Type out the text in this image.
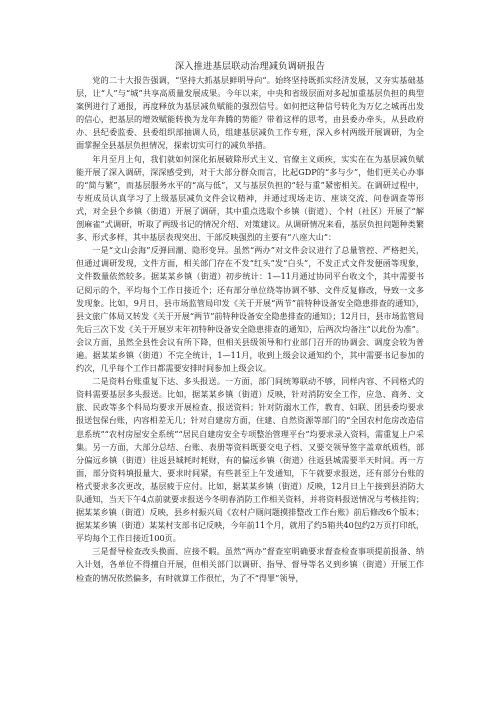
深入推进基层联动治理减负调研报告

党的二十大报告强调，“坚持大抓基层鲜明导向”。始终坚持既抓实经济发展，又夯实基础基层，让“人”与“城”共享高质量发展成果。今年以来，中央和省级层面对多起加重基层负担的典型案例进行了通报，再度释放为基层减负赋能的强烈信号。如何把这种信号转化为万亿之城再出发的信心，把基层的增效赋能转换为龙年奔腾的势能？带着这样的思考，由县委办牵头，从县政府办、县纪委监委、县委组织部抽调人员，组建基层减负工作专班，深入乡村两级开展调研，为全面掌握全县基层负担情况，探索切实可行的减负举措。

年月至月上旬，我们就如何深化拓展破除形式主义、官僚主义顽疾，实实在在为基层减负赋能开展了深入调研，深深感受到，对于大部分群众而言，比起GDP的“多与少”，他们更关心办事的“简与繁”，而基层服务水平的“高与低”，又与基层负担的“轻与重”紧密相关。在调研过程中，专班成员认真学习了上级基层减负文件会议精神，并通过现场走访、座谈交流、问卷调查等形式，对全县个乡镇（街道）开展了调研，其中重点选取个乡镇（街道）、个村（社区）开展了“解剖麻雀”式调研，听取了两级书记的情况介绍、对策建议。从调研情况来看，基层负担问题种类繁多、形式多样，其中基层表现突出、干部反映强烈的主要有“八座大山”：

一是“文山会海”反弹回潮、隐形变异。虽然“两办”对文件会议进行了总量管控、严格把关，但通过调研发现，文件方面，相关部门存在不发“红头”发“白头”，不发正式文件发便函等现象，文件数量依然较多。据某某乡镇（街道）初步统计：1—11月通过协同平台收文个，其中需要书记阅示的个，平均每个工作日接近个；还有部分单位绕等协调不够、文件反复修改，导致一文多发现象。比如，9月日，县市场监管局印发《关于开展“两节”前特种设备安全隐患排查的通知》，县文旅广体局又转发《关于开展“两节”前特种设备安全隐患排查的通知》；12月日，县市场监管局先后三次下发《关于开展岁末年初特种设备安全隐患排查的通知》，后两次均备注“以此份为准”。会议方面，虽然全县性会议有所下降，但相关县级领导和行业部门召开的协调会、调度会较为普遍。据某某乡镇（街道）不完全统计，1—11月，收到上级会议通知约个，其中需要书记参加的约次，几乎每个工作日都需要安排时间参加上级会议。

二是资料台账重复下达、多头报送。一方面，部门间统筹联动不够，同样内容、不同格式的资料需要基层多头报送。比如，据某某乡镇（街道）反映，针对消防安全工作，应急、商务、文旅、民政等多个科局均要求开展检查、报送资料；针对防溺水工作，教育、妇联、团县委均要求报送包保台账，内容相差无几；针对自建房方面，住建、自然资源等部门的“全国农村危房改造信息系统”“农村房屋安全系统”“居民自建房安全专项整治管理平台”均要求录入资料，需重复上户采集。另一方面，大部分总结、台账、表册等资料既要交电子档、又要交领导签字盖章纸质档，部分偏远乡镇（街道）往返县城耗时耗财，有的偏远乡镇（街道）往返县城需要半天时间。再一方面，部分资料填报量大、要求时间紧，有些甚至上午发通知，下午就要求报送，还有部分台账的格式要求多次更改，基层疲于应付。比如，据某某乡镇（街道）反映，12月日上午接到县消防大队通知，当天下午4点前就要求报送今冬明春消防工作相关资料，并将资料报送情况与考核挂钩；据某某乡镇（街道）反映，县乡村振兴局《农村户厕问题摸排整改工作台账》前后修改6个版本；据某某乡镇（街道）某某村支部书记反映，今年前11个月，就用了约5箱共40包约2万页打印纸，平均每个工作日接近100页。

三是督导检查改头换面、应接不暇。虽然“两办”督查室明确要求督查检查事项提前报备、纳入计划，各单位不得擅自开展，但相关部门以调研、指导、督导等名义到乡镇（街道）开展工作检查的情况依然偏多，有时就算工作很忙，为了不“得罪”领导，
